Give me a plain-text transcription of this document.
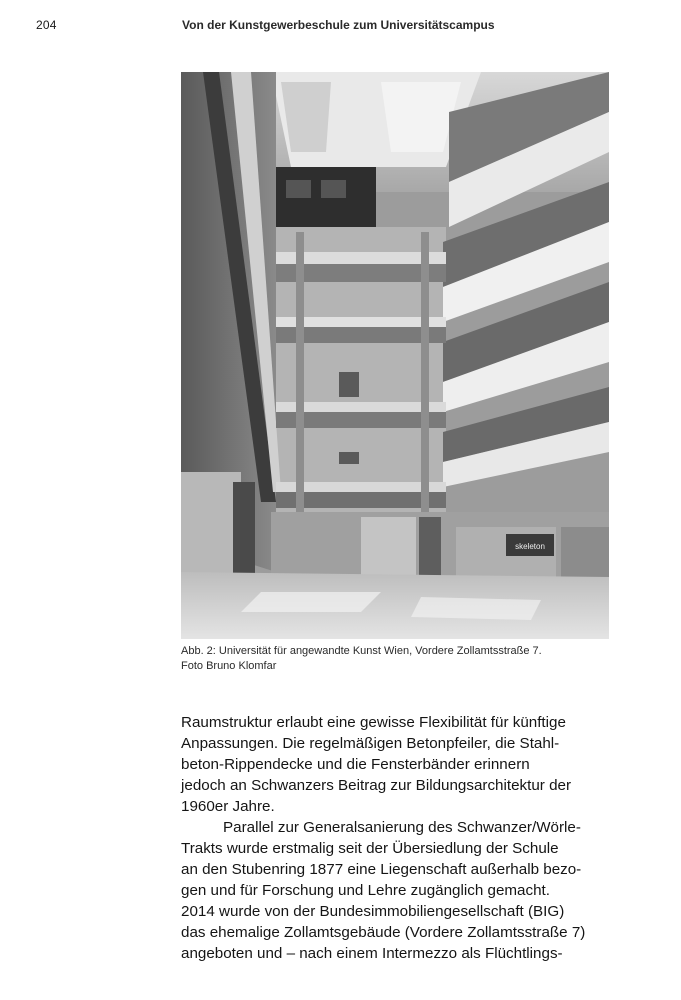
204	Von der Kunstgewerbeschule zum Universitätscampus
skeleton
Abb. 2: Universität für angewandte Kunst Wien, Vordere Zollamtsstraße 7.
Foto Bruno Klomfar
Raumstruktur erlaubt eine gewisse Flexibilität für künftige
Anpassungen. Die regelmäßigen Betonpfeiler, die Stahl-
beton-Rippendecke und die Fensterbänder erinnern
jedoch an Schwanzers Beitrag zur Bildungsarchitektur der
1960er Jahre.
Parallel zur Generalsanierung des Schwanzer/Wörle-
Trakts wurde erstmalig seit der Übersiedlung der Schule
an den Stubenring 1877 eine Liegenschaft außerhalb bezo-
gen und für Forschung und Lehre zugänglich gemacht.
2014 wurde von der Bundesimmobiliengesellschaft (BIG)
das ehemalige Zollamtsgebäude (Vordere Zollamtsstraße 7)
angeboten und – nach einem Intermezzo als Flüchtlings-
